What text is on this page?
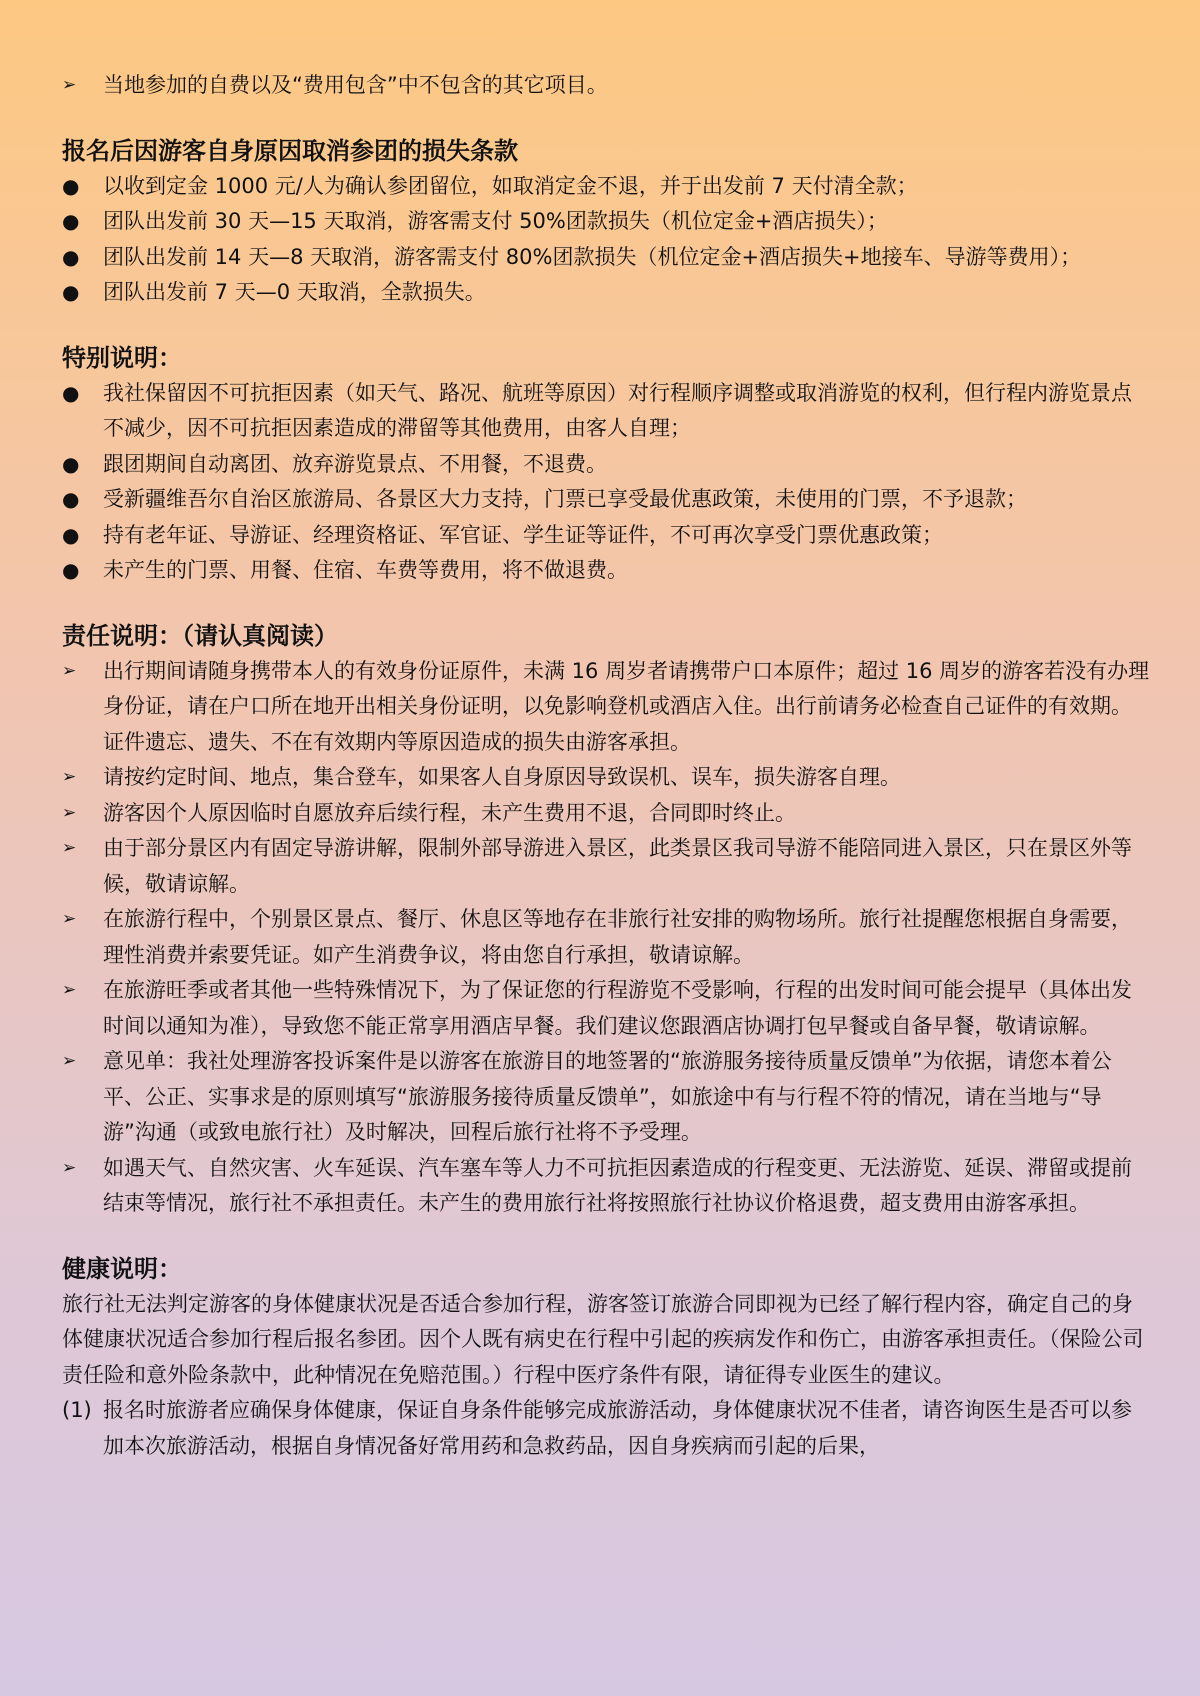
➢	当地参加的自费以及“费用包含”中不包含的其它项目。
报名后因游客自身原因取消参团的损失条款
●	以收到定金 1000 元/人为确认参团留位，如取消定金不退，并于出发前 7 天付清全款；
●	团队出发前 30 天—15 天取消，游客需支付 50%团款损失（机位定金+酒店损失）；
●	团队出发前 14 天—8 天取消，游客需支付 80%团款损失（机位定金+酒店损失+地接车、导游等费用）；
●	团队出发前 7 天—0 天取消，全款损失。
特别说明：
●	我社保留因不可抗拒因素（如天气、路况、航班等原因）对行程顺序调整或取消游览的权利，但行程内游览景点不减少，因不可抗拒因素造成的滞留等其他费用，由客人自理；
●	跟团期间自动离团、放弃游览景点、不用餐，不退费。
●	受新疆维吾尔自治区旅游局、各景区大力支持，门票已享受最优惠政策，未使用的门票，不予退款；
●	持有老年证、导游证、经理资格证、军官证、学生证等证件，不可再次享受门票优惠政策；
●	未产生的门票、用餐、住宿、车费等费用，将不做退费。
责任说明：（请认真阅读）
➢	出行期间请随身携带本人的有效身份证原件，未满 16 周岁者请携带户口本原件；超过 16 周岁的游客若没有办理身份证，请在户口所在地开出相关身份证明，以免影响登机或酒店入住。出行前请务必检查自己证件的有效期。证件遗忘、遗失、不在有效期内等原因造成的损失由游客承担。
➢	请按约定时间、地点，集合登车，如果客人自身原因导致误机、误车，损失游客自理。
➢	游客因个人原因临时自愿放弃后续行程，未产生费用不退，合同即时终止。
➢	由于部分景区内有固定导游讲解，限制外部导游进入景区，此类景区我司导游不能陪同进入景区，只在景区外等候，敬请谅解。
➢	在旅游行程中，个别景区景点、餐厅、休息区等地存在非旅行社安排的购物场所。旅行社提醒您根据自身需要，理性消费并索要凭证。如产生消费争议，将由您自行承担，敬请谅解。
➢	在旅游旺季或者其他一些特殊情况下，为了保证您的行程游览不受影响，行程的出发时间可能会提早（具体出发时间以通知为准），导致您不能正常享用酒店早餐。我们建议您跟酒店协调打包早餐或自备早餐，敬请谅解。
➢	意见单：我社处理游客投诉案件是以游客在旅游目的地签署的“旅游服务接待质量反馈单”为依据，请您本着公平、公正、实事求是的原则填写“旅游服务接待质量反馈单”，如旅途中有与行程不符的情况，请在当地与“导游”沟通（或致电旅行社）及时解决，回程后旅行社将不予受理。
➢	如遇天气、自然灾害、火车延误、汽车塞车等人力不可抗拒因素造成的行程变更、无法游览、延误、滞留或提前结束等情况，旅行社不承担责任。未产生的费用旅行社将按照旅行社协议价格退费，超支费用由游客承担。
健康说明：
旅行社无法判定游客的身体健康状况是否适合参加行程，游客签订旅游合同即视为已经了解行程内容，确定自己的身体健康状况适合参加行程后报名参团。因个人既有病史在行程中引起的疾病发作和伤亡，由游客承担责任。（保险公司责任险和意外险条款中，此种情况在免赔范围。）行程中医疗条件有限，请征得专业医生的建议。
(1) 报名时旅游者应确保身体健康，保证自身条件能够完成旅游活动，身体健康状况不佳者，请咨询医生是否可以参加本次旅游活动，根据自身情况备好常用药和急救药品，因自身疾病而引起的后果，
